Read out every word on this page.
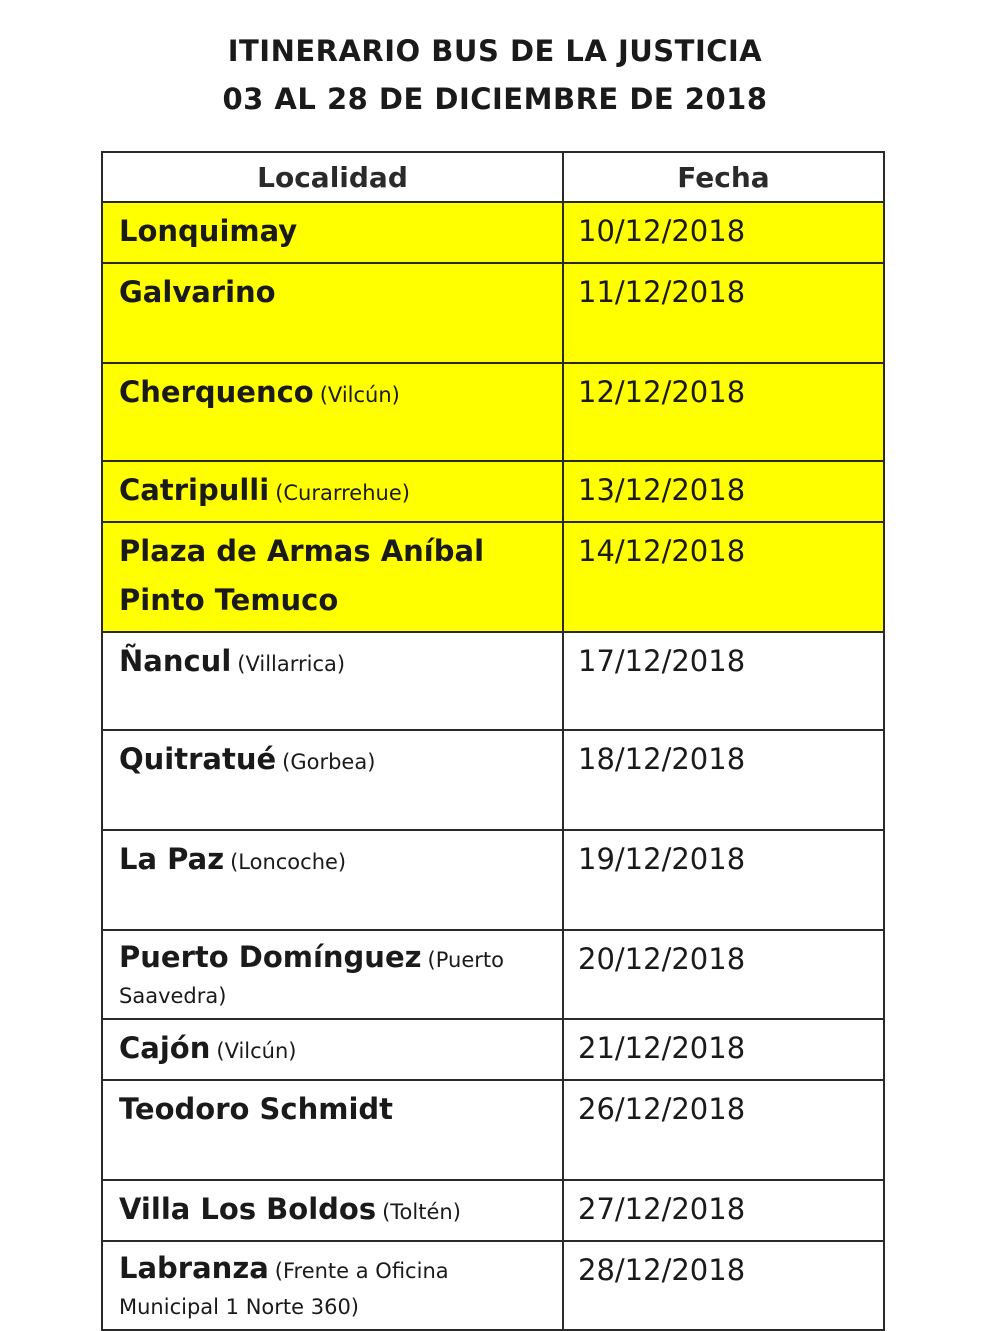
ITINERARIO BUS DE LA JUSTICIA
03 AL 28 DE DICIEMBRE DE 2018
Localidad	Fecha
Lonquimay	10/12/2018
Galvarino	11/12/2018
Cherquenco (Vilcún)	12/12/2018
Catripulli (Curarrehue)	13/12/2018
Plaza de Armas Aníbal Pinto Temuco	14/12/2018
Ñancul (Villarrica)	17/12/2018
Quitratué (Gorbea)	18/12/2018
La Paz (Loncoche)	19/12/2018
Puerto Domínguez (Puerto Saavedra)	20/12/2018
Cajón (Vilcún)	21/12/2018
Teodoro Schmidt	26/12/2018
Villa Los Boldos (Toltén)	27/12/2018
Labranza (Frente a Oficina Municipal 1 Norte 360)	28/12/2018
